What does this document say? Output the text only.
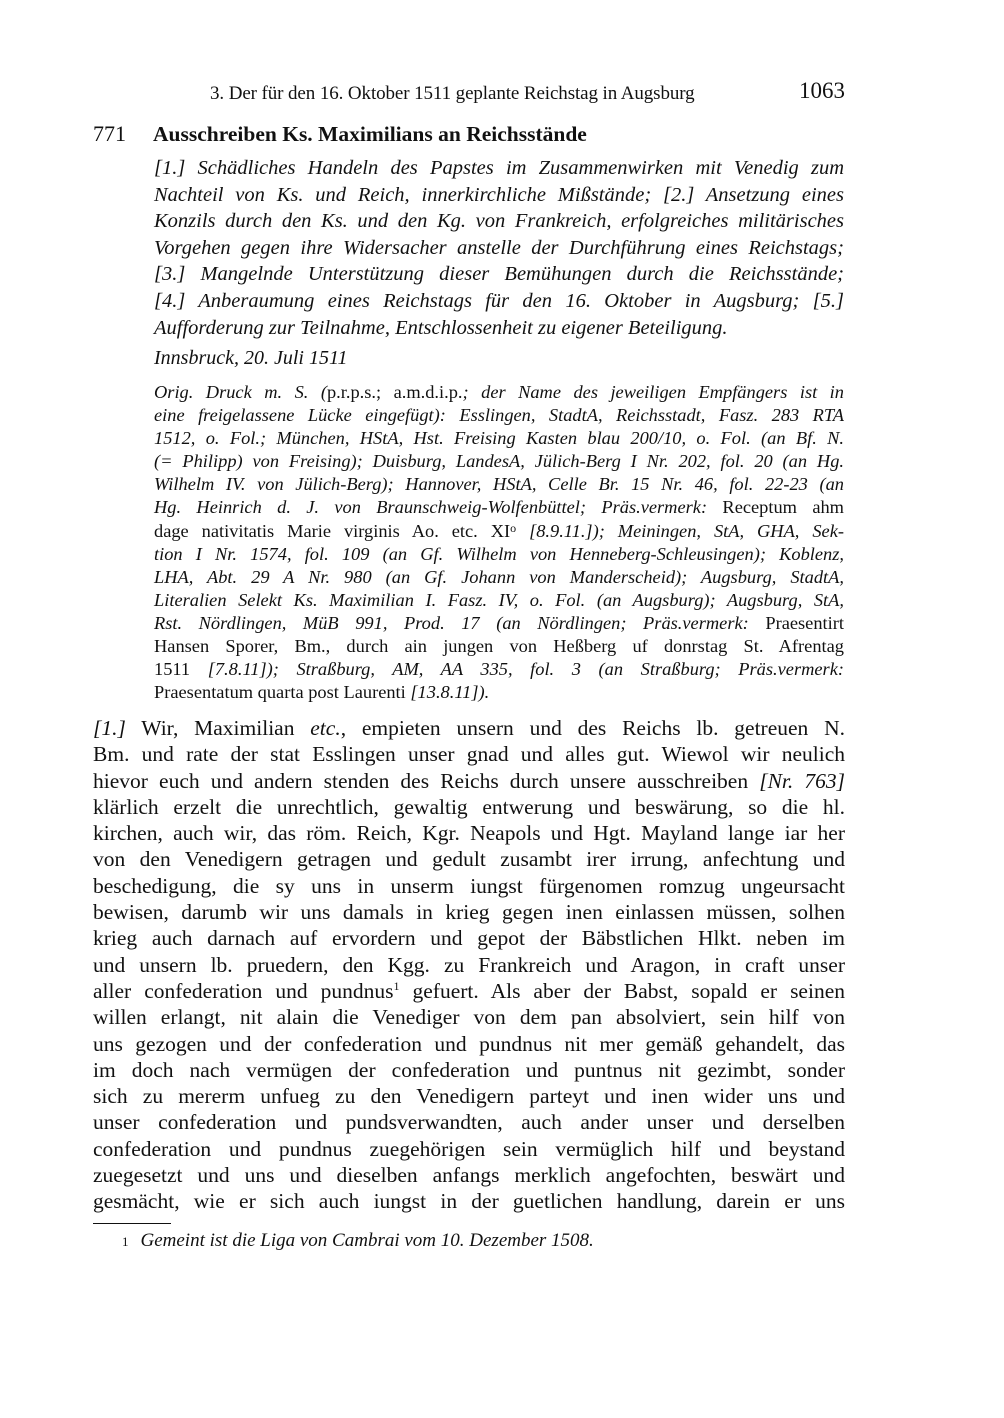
3. Der für den 16. Oktober 1511 geplante Reichstag in Augsburg	1063
771 Ausschreiben Ks. Maximilians an Reichsstände
[1.] Schädliches Handeln des Papstes im Zusammenwirken mit Venedig zum
Nachteil von Ks. und Reich, innerkirchliche Mißstände; [2.] Ansetzung eines
Konzils durch den Ks. und den Kg. von Frankreich, erfolgreiches militärisches
Vorgehen gegen ihre Widersacher anstelle der Durchführung eines Reichstags;
[3.] Mangelnde Unterstützung dieser Bemühungen durch die Reichsstände;
[4.] Anberaumung eines Reichstags für den 16. Oktober in Augsburg; [5.]
Aufforderung zur Teilnahme, Entschlossenheit zu eigener Beteiligung.
Innsbruck, 20. Juli 1511
Orig. Druck m. S. (p.r.p.s.; a.m.d.i.p.; der Name des jeweiligen Empfängers ist in
eine freigelassene Lücke eingefügt): Esslingen, StadtA, Reichsstadt, Fasz. 283 RTA
1512, o. Fol.; München, HStA, Hst. Freising Kasten blau 200/10, o. Fol. (an Bf. N.
(= Philipp) von Freising); Duisburg, LandesA, Jülich-Berg I Nr. 202, fol. 20 (an Hg.
Wilhelm IV. von Jülich-Berg); Hannover, HStA, Celle Br. 15 Nr. 46, fol. 22-23 (an
Hg. Heinrich d. J. von Braunschweig-Wolfenbüttel; Präs.vermerk: Receptum ahm
dage nativitatis Marie virginis Ao. etc. $XI^o$ [8.9.11.]); Meiningen, StA, GHA, Sek-
tion I Nr. 1574, fol. 109 (an Gf. Wilhelm von Henneberg-Schleusingen); Koblenz,
LHA, Abt. 29 A Nr. 980 (an Gf. Johann von Manderscheid); Augsburg, StadtA,
Literalien Selekt Ks. Maximilian I. Fasz. IV, o. Fol. (an Augsburg); Augsburg, StA,
Rst. Nördlingen, MüB 991, Prod. 17 (an Nördlingen; Präs.vermerk: Praesentirt
Hansen Sporer, Bm., durch ain jungen von Heßberg uf donrstag St. Afrentag
1511 [7.8.11]); Straßburg, AM, AA 335, fol. 3 (an Straßburg; Präs.vermerk:
Praesentatum quarta post Laurenti [13.8.11]).
[1.] Wir, Maximilian etc., empieten unsern und des Reichs lb. getreuen N.
Bm. und rate der stat Esslingen unser gnad und alles gut. Wiewol wir neulich
hievor euch und andern stenden des Reichs durch unsere ausschreiben [Nr. 763]
klärlich erzelt die unrechtlich, gewaltig entwerung und beswärung, so die hl.
kirchen, auch wir, das röm. Reich, Kgr. Neapols und Hgt. Mayland lange iar her
von den Venedigern getragen und gedult zusambt irer irrung, anfechtung und
beschedigung, die sy uns in unserm iungst fürgenomen romzug ungeursacht
bewisen, darumb wir uns damals in krieg gegen inen einlassen müssen, solhen
krieg auch darnach auf ervordern und gepot der Bäbstlichen Hlkt. neben im
und unsern lb. pruedern, den Kgg. zu Frankreich und Aragon, in craft unser
aller confederation und pundnus$^1$ gefuert. Als aber der Babst, sopald er seinen
willen erlangt, nit alain die Venediger von dem pan absolviert, sein hilf von
uns gezogen und der confederation und pundnus nit mer gemäß gehandelt, das
im doch nach vermügen der confederation und puntnus nit gezimbt, sonder
sich zu mererm unfueg zu den Venedigern parteyt und inen wider uns und
unser confederation und pundsverwandten, auch ander unser und derselben
confederation und pundnus zuegehörigen sein vermüglich hilf und beystand
zuegesetzt und uns und dieselben anfangs merklich angefochten, beswärt und
gesmächt, wie er sich auch iungst in der guetlichen handlung, darein er uns
$^1$ Gemeint ist die Liga von Cambrai vom 10. Dezember 1508.
